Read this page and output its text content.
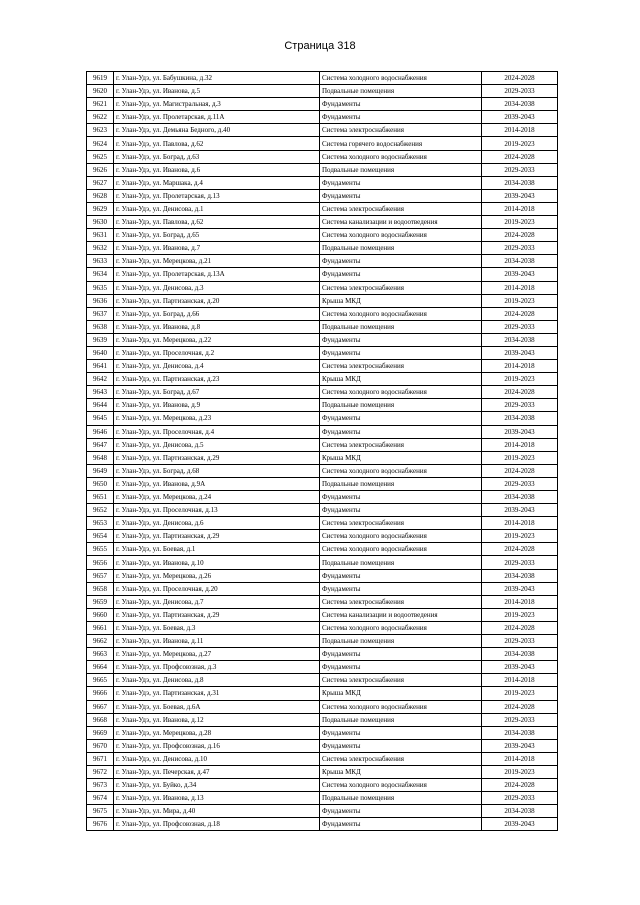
Страница 318
9619	г. Улан-Удэ, ул. Бабушкина, д.32	Система холодного водоснабжения	2024-2028
9620	г. Улан-Удэ, ул. Иванова, д.5	Подвальные помещения	2029-2033
9621	г. Улан-Удэ, ул. Магистральная, д.3	Фундаменты	2034-2038
9622	г. Улан-Удэ, ул. Пролетарская, д.11А	Фундаменты	2039-2043
9623	г. Улан-Удэ, ул. Демьяна Бедного, д.40	Система электроснабжения	2014-2018
9624	г. Улан-Удэ, ул. Павлова, д.62	Система горячего водоснабжения	2019-2023
9625	г. Улан-Удэ, ул. Боград, д.63	Система холодного водоснабжения	2024-2028
9626	г. Улан-Удэ, ул. Иванова, д.6	Подвальные помещения	2029-2033
9627	г. Улан-Удэ, ул. Маршака, д.4	Фундаменты	2034-2038
9628	г. Улан-Удэ, ул. Пролетарская, д.13	Фундаменты	2039-2043
9629	г. Улан-Удэ, ул. Денисова, д.1	Система электроснабжения	2014-2018
9630	г. Улан-Удэ, ул. Павлова, д.62	Система канализации и водоотведения	2019-2023
9631	г. Улан-Удэ, ул. Боград, д.65	Система холодного водоснабжения	2024-2028
9632	г. Улан-Удэ, ул. Иванова, д.7	Подвальные помещения	2029-2033
9633	г. Улан-Удэ, ул. Мерецкова, д.21	Фундаменты	2034-2038
9634	г. Улан-Удэ, ул. Пролетарская, д.13А	Фундаменты	2039-2043
9635	г. Улан-Удэ, ул. Денисова, д.3	Система электроснабжения	2014-2018
9636	г. Улан-Удэ, ул. Партизанская, д.20	Крыша МКД	2019-2023
9637	г. Улан-Удэ, ул. Боград, д.66	Система холодного водоснабжения	2024-2028
9638	г. Улан-Удэ, ул. Иванова, д.8	Подвальные помещения	2029-2033
9639	г. Улан-Удэ, ул. Мерецкова, д.22	Фундаменты	2034-2038
9640	г. Улан-Удэ, ул. Проселочная, д.2	Фундаменты	2039-2043
9641	г. Улан-Удэ, ул. Денисова, д.4	Система электроснабжения	2014-2018
9642	г. Улан-Удэ, ул. Партизанская, д.23	Крыша МКД	2019-2023
9643	г. Улан-Удэ, ул. Боград, д.67	Система холодного водоснабжения	2024-2028
9644	г. Улан-Удэ, ул. Иванова, д.9	Подвальные помещения	2029-2033
9645	г. Улан-Удэ, ул. Мерецкова, д.23	Фундаменты	2034-2038
9646	г. Улан-Удэ, ул. Проселочная, д.4	Фундаменты	2039-2043
9647	г. Улан-Удэ, ул. Денисова, д.5	Система электроснабжения	2014-2018
9648	г. Улан-Удэ, ул. Партизанская, д.29	Крыша МКД	2019-2023
9649	г. Улан-Удэ, ул. Боград, д.68	Система холодного водоснабжения	2024-2028
9650	г. Улан-Удэ, ул. Иванова, д.9А	Подвальные помещения	2029-2033
9651	г. Улан-Удэ, ул. Мерецкова, д.24	Фундаменты	2034-2038
9652	г. Улан-Удэ, ул. Проселочная, д.13	Фундаменты	2039-2043
9653	г. Улан-Удэ, ул. Денисова, д.6	Система электроснабжения	2014-2018
9654	г. Улан-Удэ, ул. Партизанская, д.29	Система холодного водоснабжения	2019-2023
9655	г. Улан-Удэ, ул. Боевая, д.1	Система холодного водоснабжения	2024-2028
9656	г. Улан-Удэ, ул. Иванова, д.10	Подвальные помещения	2029-2033
9657	г. Улан-Удэ, ул. Мерецкова, д.26	Фундаменты	2034-2038
9658	г. Улан-Удэ, ул. Проселочная, д.20	Фундаменты	2039-2043
9659	г. Улан-Удэ, ул. Денисова, д.7	Система электроснабжения	2014-2018
9660	г. Улан-Удэ, ул. Партизанская, д.29	Система канализации и водоотведения	2019-2023
9661	г. Улан-Удэ, ул. Боевая, д.3	Система холодного водоснабжения	2024-2028
9662	г. Улан-Удэ, ул. Иванова, д.11	Подвальные помещения	2029-2033
9663	г. Улан-Удэ, ул. Мерецкова, д.27	Фундаменты	2034-2038
9664	г. Улан-Удэ, ул. Профсоюзная, д.3	Фундаменты	2039-2043
9665	г. Улан-Удэ, ул. Денисова, д.8	Система электроснабжения	2014-2018
9666	г. Улан-Удэ, ул. Партизанская, д.31	Крыша МКД	2019-2023
9667	г. Улан-Удэ, ул. Боевая, д.6А	Система холодного водоснабжения	2024-2028
9668	г. Улан-Удэ, ул. Иванова, д.12	Подвальные помещения	2029-2033
9669	г. Улан-Удэ, ул. Мерецкова, д.28	Фундаменты	2034-2038
9670	г. Улан-Удэ, ул. Профсоюзная, д.16	Фундаменты	2039-2043
9671	г. Улан-Удэ, ул. Денисова, д.10	Система электроснабжения	2014-2018
9672	г. Улан-Удэ, ул. Печерская, д.47	Крыша МКД	2019-2023
9673	г. Улан-Удэ, ул. Буйко, д.34	Система холодного водоснабжения	2024-2028
9674	г. Улан-Удэ, ул. Иванова, д.13	Подвальные помещения	2029-2033
9675	г. Улан-Удэ, ул. Мира, д.40	Фундаменты	2034-2038
9676	г. Улан-Удэ, ул. Профсоюзная, д.18	Фундаменты	2039-2043
